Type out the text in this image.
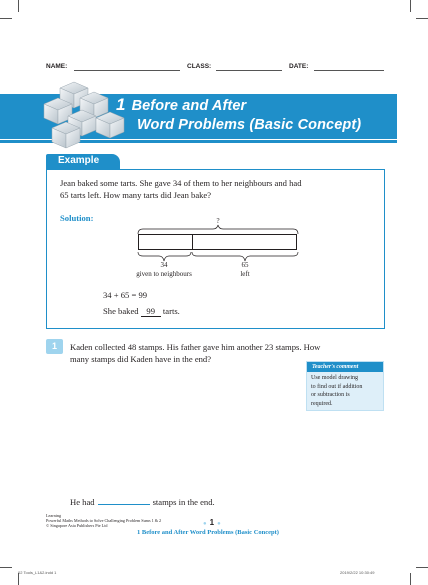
NAME:	CLASS:	DATE:
1 Before and After
Word Problems (Basic Concept)
Example
Jean baked some tarts. She gave 34 of them to her neighbours and had
65 tarts left. How many tarts did Jean bake?
Solution:	?
34
given to neighbours
65
left
34 + 65 = 99
She baked 99 tarts.
1	Kaden collected 48 stamps. His father gave him another 23 stamps. How
many stamps did Kaden have in the end?
Teacher's comment
Use model drawing
to find out if addition
or subtraction is
required.
He had	stamps in the end.
Learning
Powerful Maths Methods to Solve Challenging Problem Sums 1 & 2
© Singapore Asia Publishers Pte Ltd	● 1 ●
1 Before and After Word Problems (Basic Concept)
02 Tools_L1&2.indd 1	2019/2/22 10:30:49
